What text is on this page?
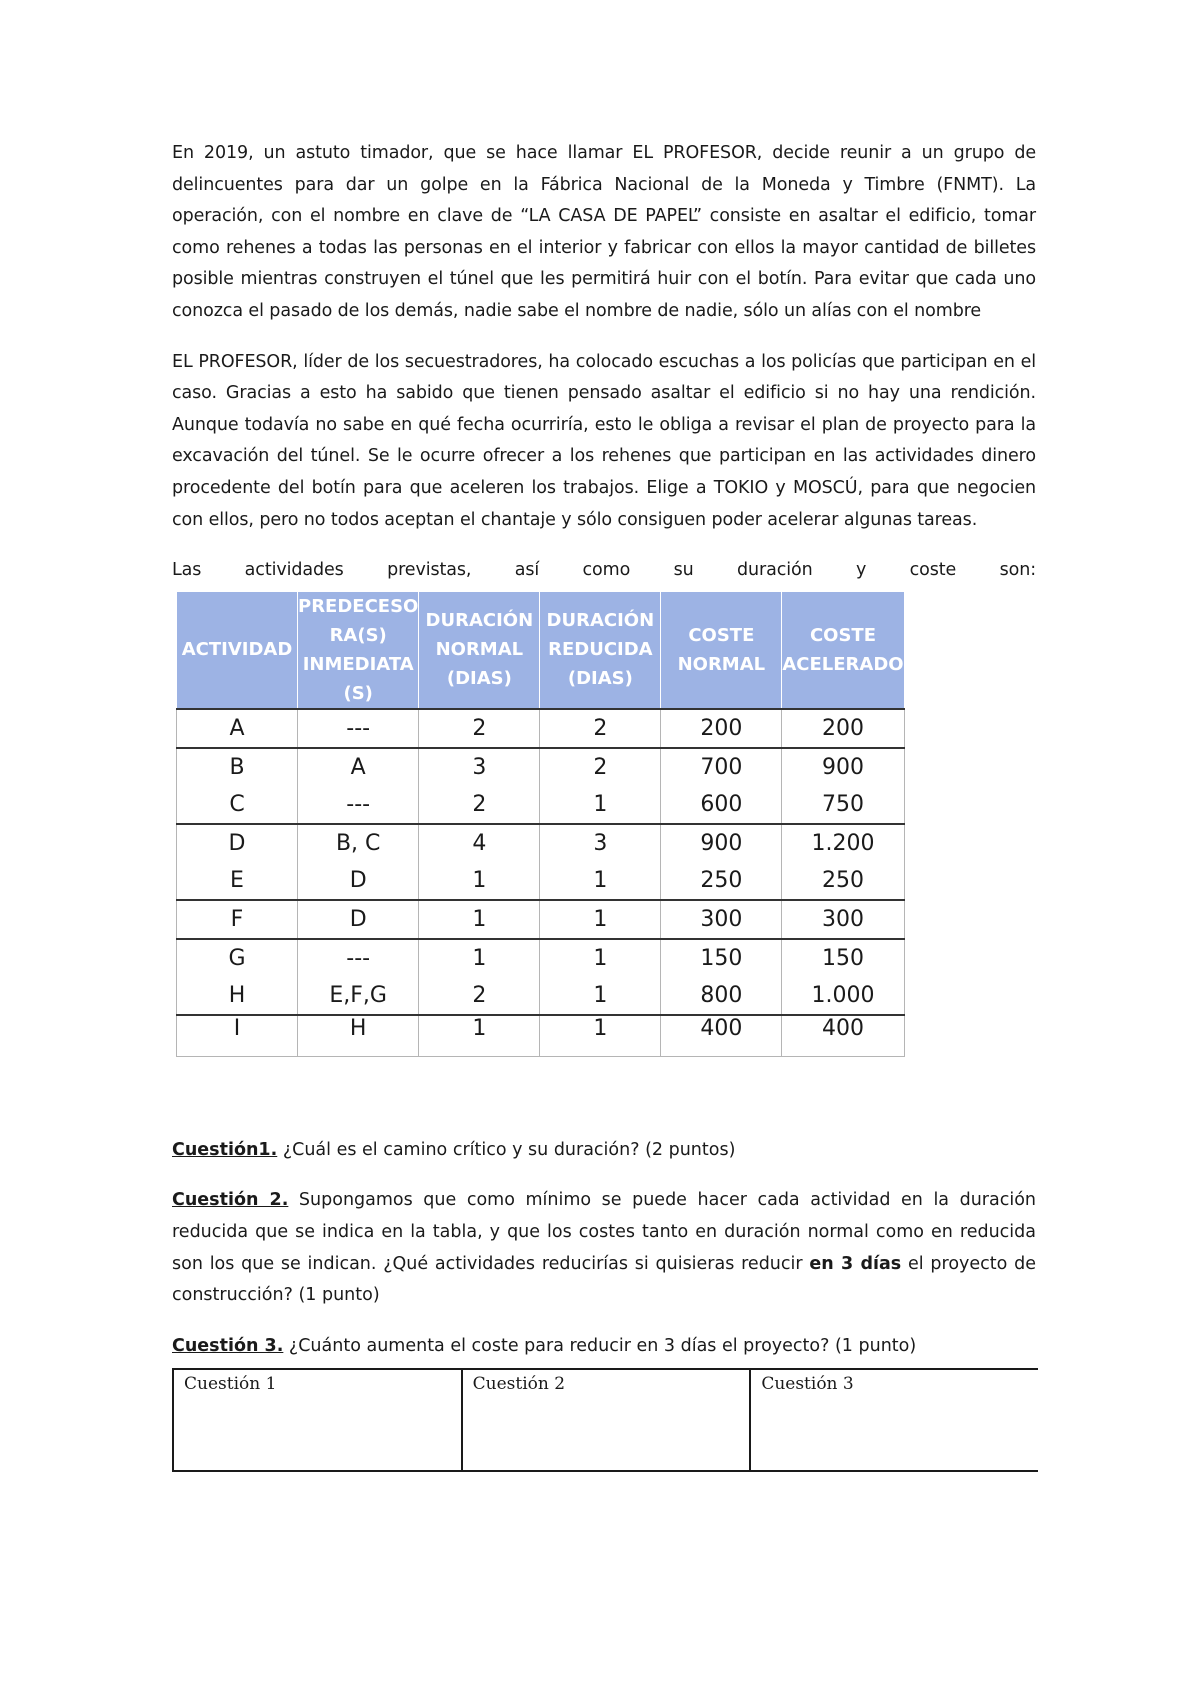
En 2019, un astuto timador, que se hace llamar EL PROFESOR, decide reunir a un grupo de delincuentes para dar un golpe en la Fábrica Nacional de la Moneda y Timbre (FNMT). La operación, con el nombre en clave de “LA CASA DE PAPEL” consiste en asaltar el edificio, tomar como rehenes a todas las personas en el interior y fabricar con ellos la mayor cantidad de billetes posible mientras construyen el túnel que les permitirá huir con el botín. Para evitar que cada uno conozca el pasado de los demás, nadie sabe el nombre de nadie, sólo un alías con el nombre

EL PROFESOR, líder de los secuestradores, ha colocado escuchas a los policías que participan en el caso. Gracias a esto ha sabido que tienen pensado asaltar el edificio si no hay una rendición. Aunque todavía no sabe en qué fecha ocurriría, esto le obliga a revisar el plan de proyecto para la excavación del túnel. Se le ocurre ofrecer a los rehenes que participan en las actividades dinero procedente del botín para que aceleren los trabajos. Elige a TOKIO y MOSCÚ, para que negocien con ellos, pero no todos aceptan el chantaje y sólo consiguen poder acelerar algunas tareas.

Las actividades previstas, así como su duración y coste son:

ACTIVIDAD	PREDECESO RA(S) INMEDIATA (S)	DURACIÓN NORMAL (DIAS)	DURACIÓN REDUCIDA (DIAS)	COSTE NORMAL	COSTE ACELERADO
A	---	2	2	200	200
B	A	3	2	700	900
C	---	2	1	600	750
D	B, C	4	3	900	1.200
E	D	1	1	250	250
F	D	1	1	300	300
G	---	1	1	150	150
H	E,F,G	2	1	800	1.000
I	H	1	1	400	400

Cuestión1. ¿Cuál es el camino crítico y su duración? (2 puntos)

Cuestión 2. Supongamos que como mínimo se puede hacer cada actividad en la duración reducida que se indica en la tabla, y que los costes tanto en duración normal como en reducida son los que se indican. ¿Qué actividades reducirías si quisieras reducir en 3 días el proyecto de construcción? (1 punto)

Cuestión 3. ¿Cuánto aumenta el coste para reducir en 3 días el proyecto? (1 punto)

Cuestión 1	Cuestión 2	Cuestión 3
